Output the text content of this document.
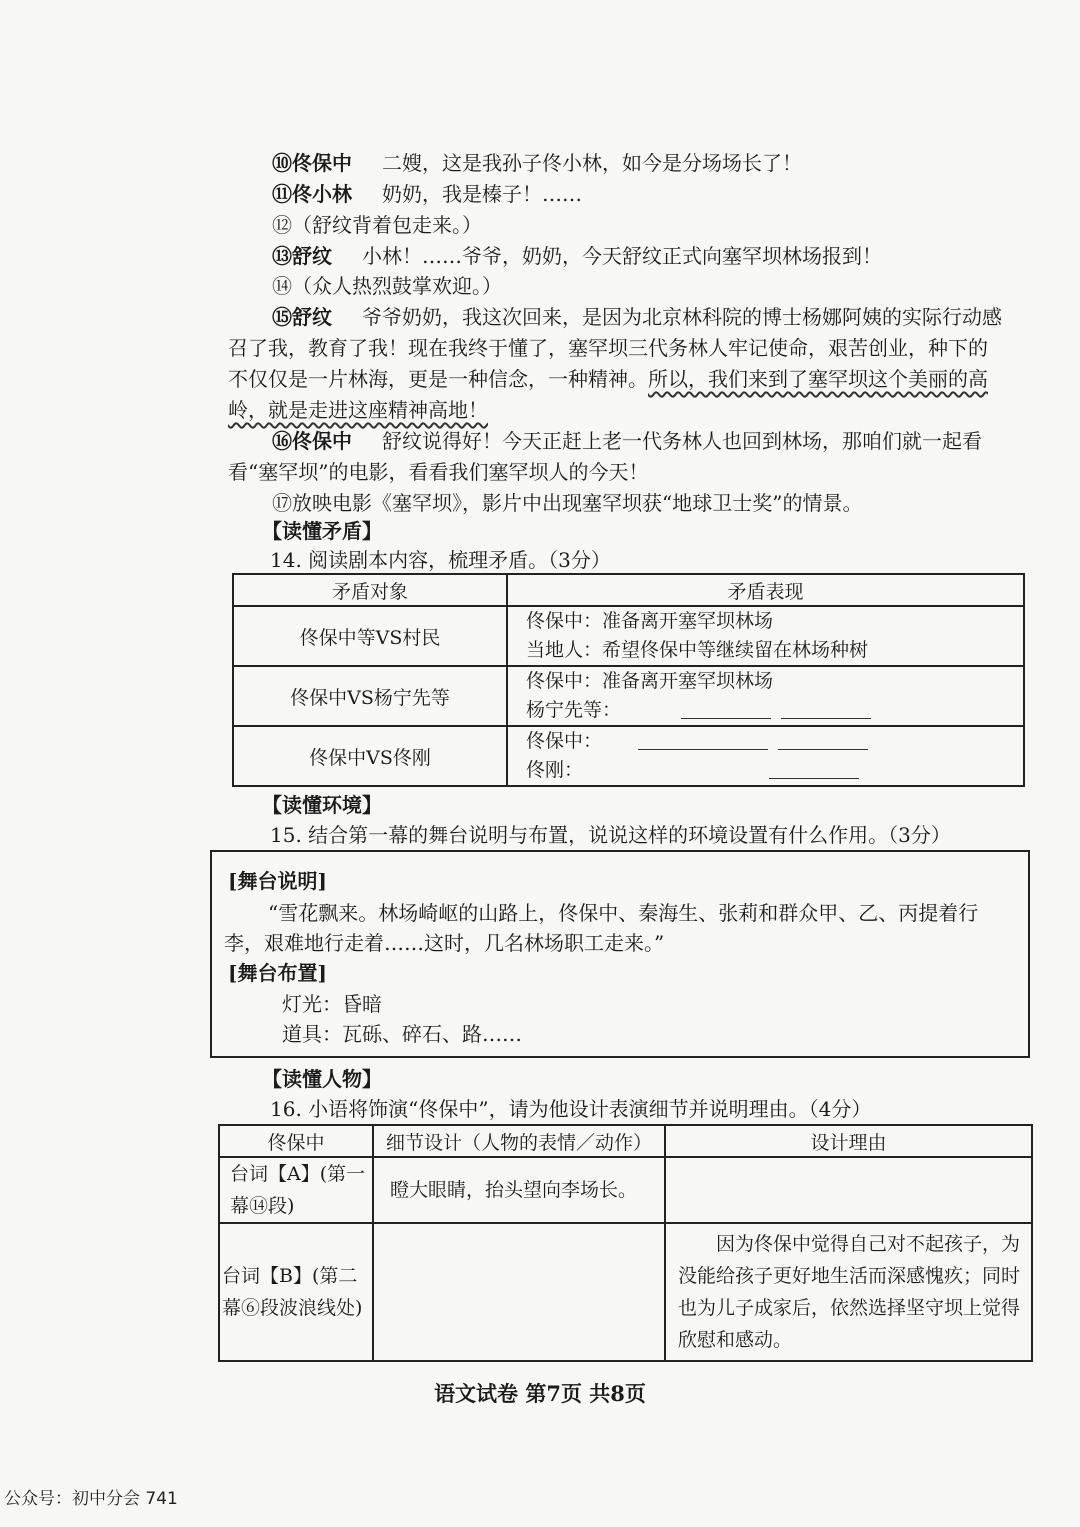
⑩佟保中 二嫂，这是我孙子佟小林，如今是分场场长了！
⑪佟小林 奶奶，我是榛子！……
⑫（舒纹背着包走来。）
⑬舒纹 小林！……爷爷，奶奶，今天舒纹正式向塞罕坝林场报到！
⑭（众人热烈鼓掌欢迎。）
⑮舒纹 爷爷奶奶，我这次回来，是因为北京林科院的博士杨娜阿姨的实际行动感
召了我，教育了我！现在我终于懂了，塞罕坝三代务林人牢记使命，艰苦创业，种下的
不仅仅是一片林海，更是一种信念，一种精神。所以，我们来到了塞罕坝这个美丽的高
岭，就是走进这座精神高地！
⑯佟保中 舒纹说得好！今天正赶上老一代务林人也回到林场，那咱们就一起看
看“塞罕坝”的电影，看看我们塞罕坝人的今天！
⑰放映电影《塞罕坝》，影片中出现塞罕坝获“地球卫士奖”的情景。
【读懂矛盾】
14. 阅读剧本内容，梳理矛盾。（3分）
矛盾对象	矛盾表现
佟保中等VS村民	佟保中：准备离开塞罕坝林场
当地人：希望佟保中等继续留在林场种树

佟保中VS杨宁先等	佟保中：准备离开塞罕坝林场
杨宁先等：

佟保中VS佟刚	佟保中：
佟刚：
【读懂环境】
15. 结合第一幕的舞台说明与布置，说说这样的环境设置有什么作用。（3分）
[舞台说明]
“雪花飘来。林场崎岖的山路上，佟保中、秦海生、张莉和群众甲、乙、丙提着行
李，艰难地行走着……这时，几名林场职工走来。”
[舞台布置]
灯光：昏暗
道具：瓦砾、碎石、路……
【读懂人物】
16. 小语将饰演“佟保中”，请为他设计表演细节并说明理由。（4分）
佟保中	细节设计（人物的表情／动作）	设计理由
台词【A】(第一幕⑭段)	瞪大眼睛，抬头望向李场长。	
台词【B】(第二幕⑥段波浪线处)		因为佟保中觉得自己对不起孩子，为没能给孩子更好地生活而深感愧疚；同时也为儿子成家后，依然选择坚守坝上觉得欣慰和感动。
语文试卷 第7页 共8页
公众号：初中分会 741
